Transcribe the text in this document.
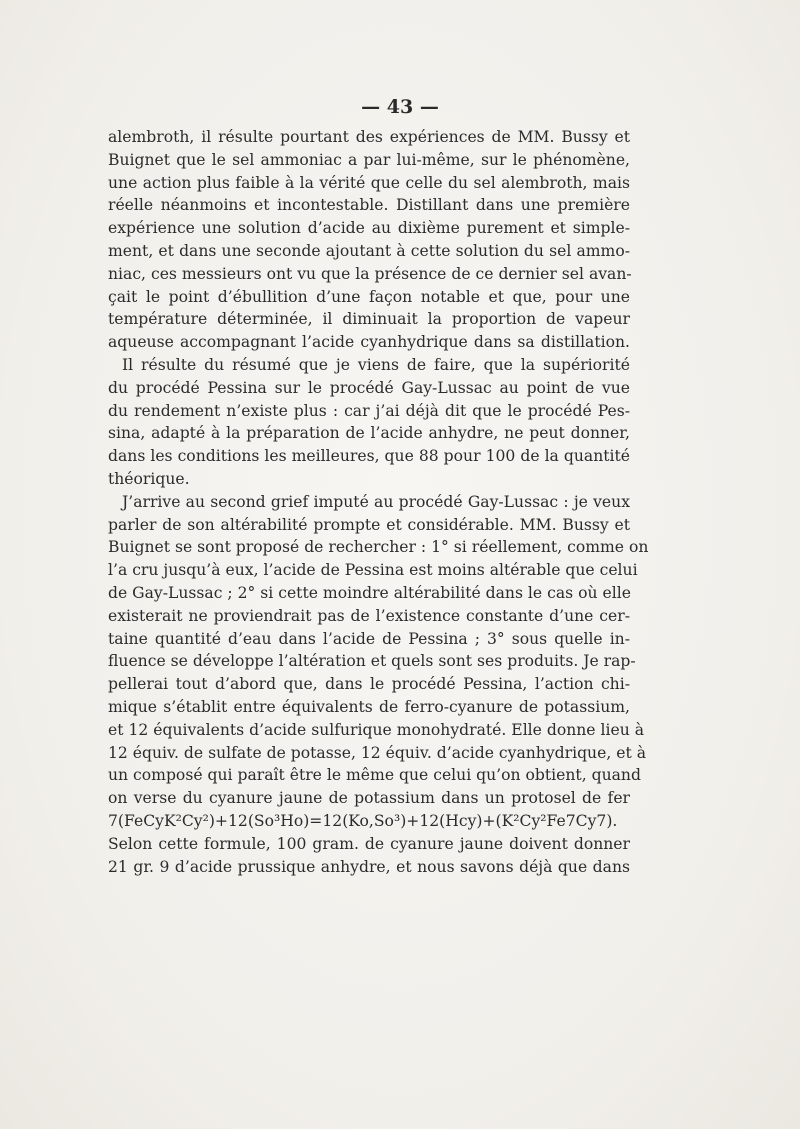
— 43 —
alembroth, il résulte pourtant des expériences de MM. Bussy et
Buignet que le sel ammoniac a par lui-même, sur le phénomène,
une action plus faible à la vérité que celle du sel alembroth, mais
réelle néanmoins et incontestable. Distillant dans une première
expérience une solution d’acide au dixième purement et simple-
ment, et dans une seconde ajoutant à cette solution du sel ammo-
niac, ces messieurs ont vu que la présence de ce dernier sel avan-
çait le point d’ébullition d’une façon notable et que, pour une
température déterminée, il diminuait la proportion de vapeur
aqueuse accompagnant l’acide cyanhydrique dans sa distillation.
Il résulte du résumé que je viens de faire, que la supériorité
du procédé Pessina sur le procédé Gay-Lussac au point de vue
du rendement n’existe plus : car j’ai déjà dit que le procédé Pes-
sina, adapté à la préparation de l’acide anhydre, ne peut donner,
dans les conditions les meilleures, que 88 pour 100 de la quantité
théorique.
J’arrive au second grief imputé au procédé Gay-Lussac : je veux
parler de son altérabilité prompte et considérable. MM. Bussy et
Buignet se sont proposé de rechercher : 1° si réellement, comme on
l’a cru jusqu’à eux, l’acide de Pessina est moins altérable que celui
de Gay-Lussac ; 2° si cette moindre altérabilité dans le cas où elle
existerait ne proviendrait pas de l’existence constante d’une cer-
taine quantité d’eau dans l’acide de Pessina ; 3° sous quelle in-
fluence se développe l’altération et quels sont ses produits. Je rap-
pellerai tout d’abord que, dans le procédé Pessina, l’action chi-
mique s’établit entre équivalents de ferro-cyanure de potassium,
et 12 équivalents d’acide sulfurique monohydraté. Elle donne lieu à
12 équiv. de sulfate de potasse, 12 équiv. d’acide cyanhydrique, et à
un composé qui paraît être le même que celui qu’on obtient, quand
on verse du cyanure jaune de potassium dans un protosel de fer
7(FeCyK²Cy²)+12(So³Ho)=12(Ko,So³)+12(Hcy)+(K²Cy²Fe7Cy7).
Selon cette formule, 100 gram. de cyanure jaune doivent donner
21 gr. 9 d’acide prussique anhydre, et nous savons déjà que dans
